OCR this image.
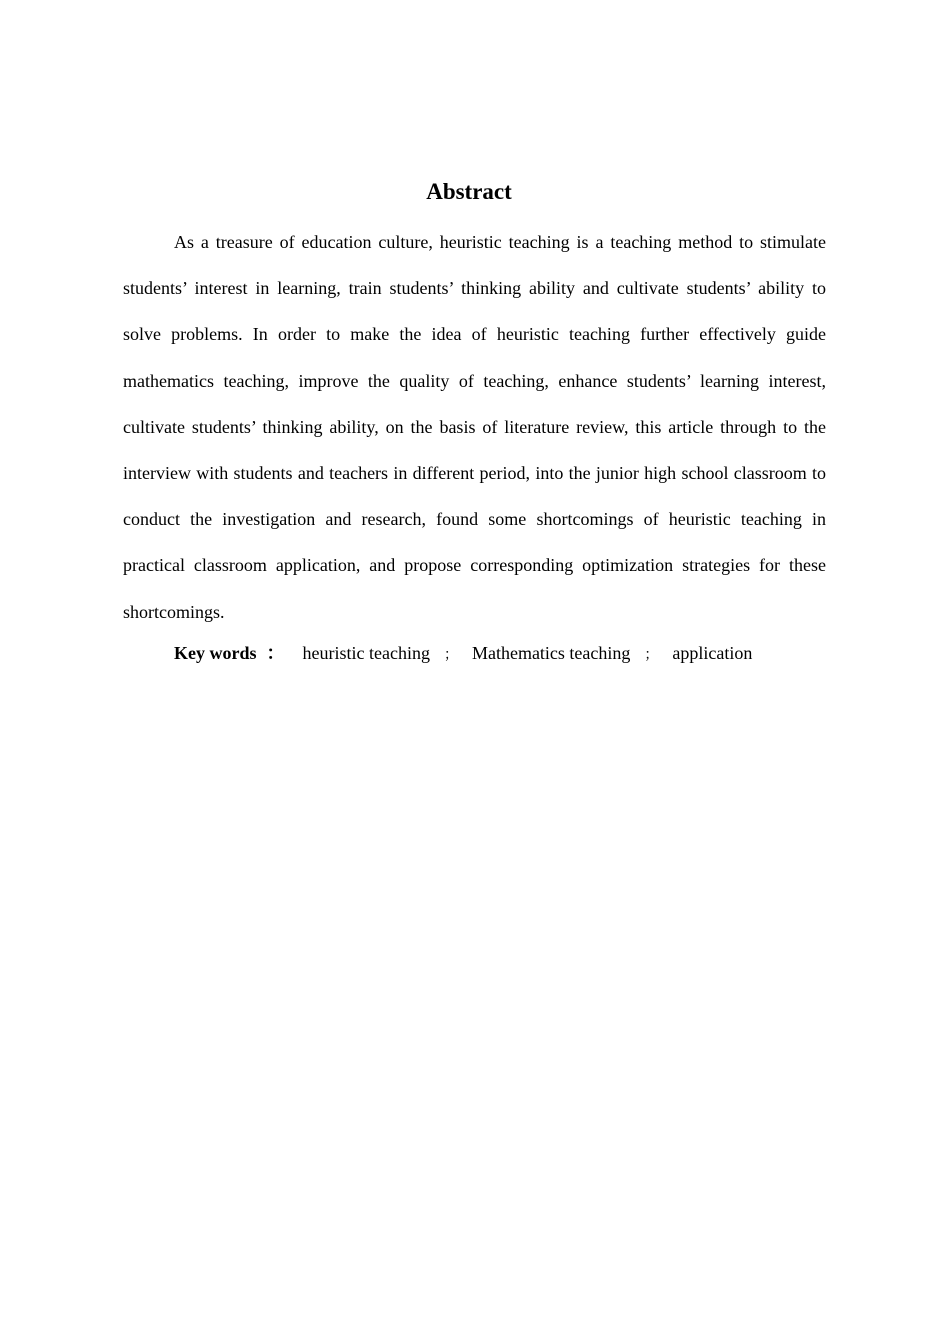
Abstract

As a treasure of education culture, heuristic teaching is a teaching method to stimulate students’ interest in learning, train students’ thinking ability and cultivate students’ ability to solve problems. In order to make the idea of heuristic teaching further effectively guide mathematics teaching, improve the quality of teaching, enhance students’ learning interest, cultivate students’ thinking ability, on the basis of literature review, this article through to the interview with students and teachers in different period, into the junior high school classroom to conduct the investigation and research, found some shortcomings of heuristic teaching in practical classroom application, and propose corresponding optimization strategies for these shortcomings.

Key words ： heuristic teaching ； Mathematics teaching ； application
